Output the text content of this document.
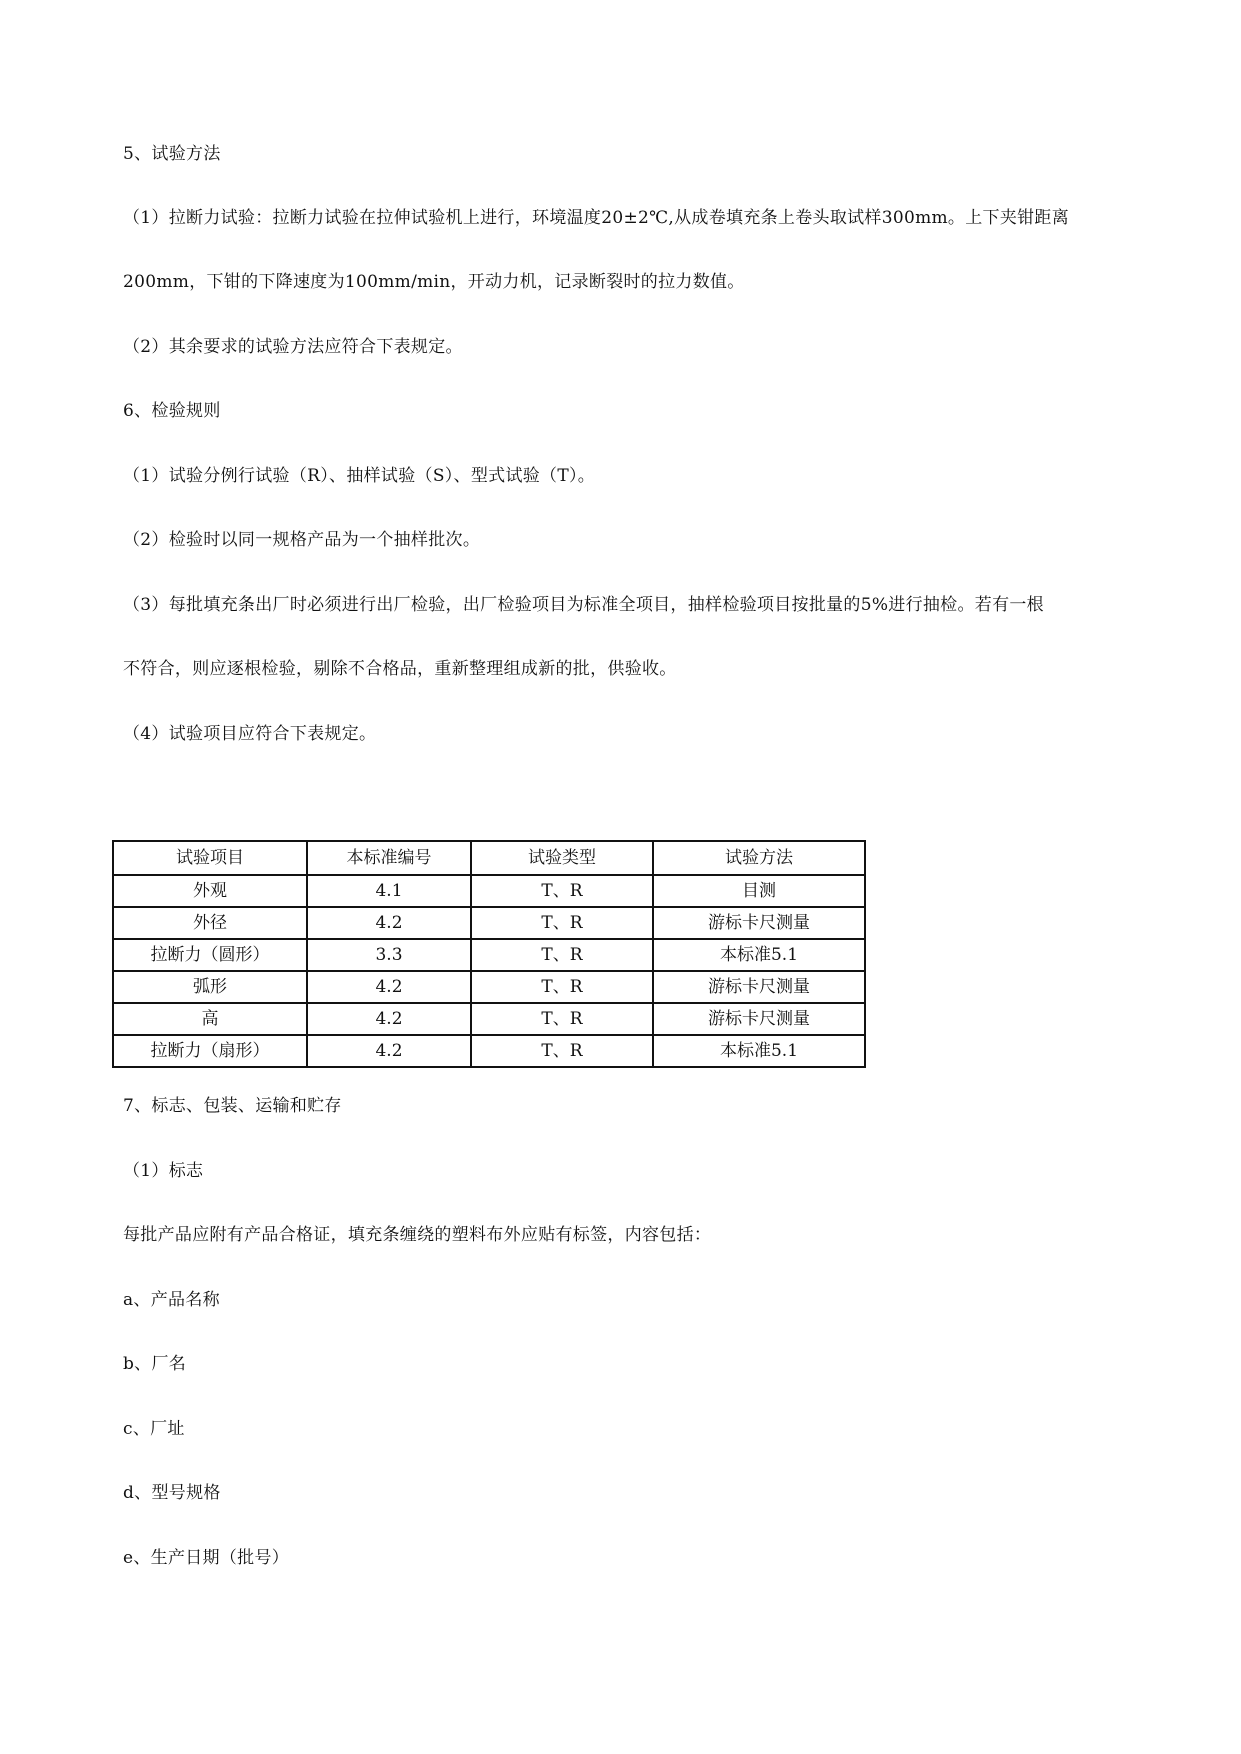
5、试验方法
（1）拉断力试验：拉断力试验在拉伸试验机上进行，环境温度20±2℃,从成卷填充条上卷头取试样300mm。上下夹钳距离
200mm，下钳的下降速度为100mm/min，开动力机，记录断裂时的拉力数值。
（2）其余要求的试验方法应符合下表规定。
6、检验规则
（1）试验分例行试验（R）、抽样试验（S）、型式试验（T）。
（2）检验时以同一规格产品为一个抽样批次。
（3）每批填充条出厂时必须进行出厂检验，出厂检验项目为标准全项目，抽样检验项目按批量的5%进行抽检。若有一根
不符合，则应逐根检验，剔除不合格品，重新整理组成新的批，供验收。
（4）试验项目应符合下表规定。
试验项目	本标准编号	试验类型	试验方法
外观	4.1	T、R	目测
外径	4.2	T、R	游标卡尺测量
拉断力（圆形）	3.3	T、R	本标准5.1
弧形	4.2	T、R	游标卡尺测量
高	4.2	T、R	游标卡尺测量
拉断力（扇形）	4.2	T、R	本标准5.1
7、标志、包装、运输和贮存
（1）标志
每批产品应附有产品合格证，填充条缠绕的塑料布外应贴有标签，内容包括：
a、产品名称
b、厂名
c、厂址
d、型号规格
e、生产日期（批号）
